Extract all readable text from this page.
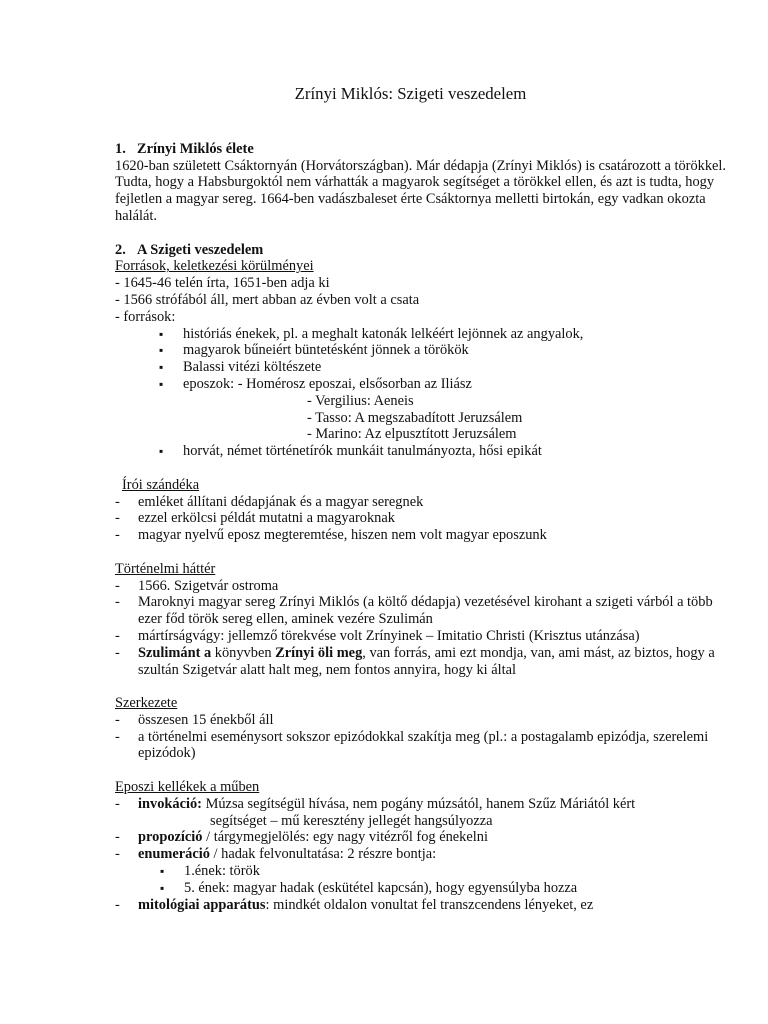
Zrínyi Miklós: Szigeti veszedelem
1. Zrínyi Miklós élete

1620-ban született Csáktornyán (Horvátországban). Már dédapja (Zrínyi Miklós) is csatározott a törökkel. Tudta, hogy a Habsburgoktól nem várhatták a magyarok segítséget a törökkel ellen, és azt is tudta, hogy fejletlen a magyar sereg. 1664-ben vadászbaleset érte Csáktornya melletti birtokán, egy vadkan okozta halálát.

2. A Szigeti veszedelem
Források, keletkezési körülményei
- 1645-46 telén írta, 1651-ben adja ki
- 1566 strófából áll, mert abban az évben volt a csata
- források:
▪ históriás énekek, pl. a meghalt katonák lelkéért lejönnek az angyalok,
▪ magyarok bűneiért büntetésként jönnek a törökök
▪ Balassi vitézi költészete
▪ eposzok: - Homérosz eposzai, elsősorban az Iliász
- Vergilius: Aeneis
- Tasso: A megszabadított Jeruzsálem
- Marino: Az elpusztított Jeruzsálem
▪ horvát, német történetírók munkáit tanulmányozta, hősi epikát
Írói szándéka
- emléket állítani dédapjának és a magyar seregnek
- ezzel erkölcsi példát mutatni a magyaroknak
- magyar nyelvű eposz megteremtése, hiszen nem volt magyar eposzunk
Történelmi háttér
- 1566. Szigetvár ostroma
- Maroknyi magyar sereg Zrínyi Miklós (a költő dédapja) vezetésével kirohant a szigeti várból a több ezer főd török sereg ellen, aminek vezére Szulimán
- mártírságvágy: jellemző törekvése volt Zrínyinek – Imitatio Christi (Krisztus utánzása)
- Szulimánt a könyvben Zrínyi öli meg, van forrás, ami ezt mondja, van, ami mást, az biztos, hogy a szultán Szigetvár alatt halt meg, nem fontos annyira, hogy ki által
Szerkezete
- összesen 15 énekből áll
- a történelmi eseménysort sokszor epizódokkal szakítja meg (pl.: a postagalamb epizódja, szerelemi epizódok)
Eposzi kellékek a műben
- invokáció: Múzsa segítségül hívása, nem pogány múzsától, hanem Szűz Máriától kért
segítséget – mű keresztény jellegét hangsúlyozza
- propozíció / tárgymegjelölés: egy nagy vitézről fog énekelni
- enumeráció / hadak felvonultatása: 2 részre bontja:
▪ 1.ének: török
▪ 5. ének: magyar hadak (eskütétel kapcsán), hogy egyensúlyba hozza
- mitológiai apparátus: mindkét oldalon vonultat fel transzcendens lényeket, ez
